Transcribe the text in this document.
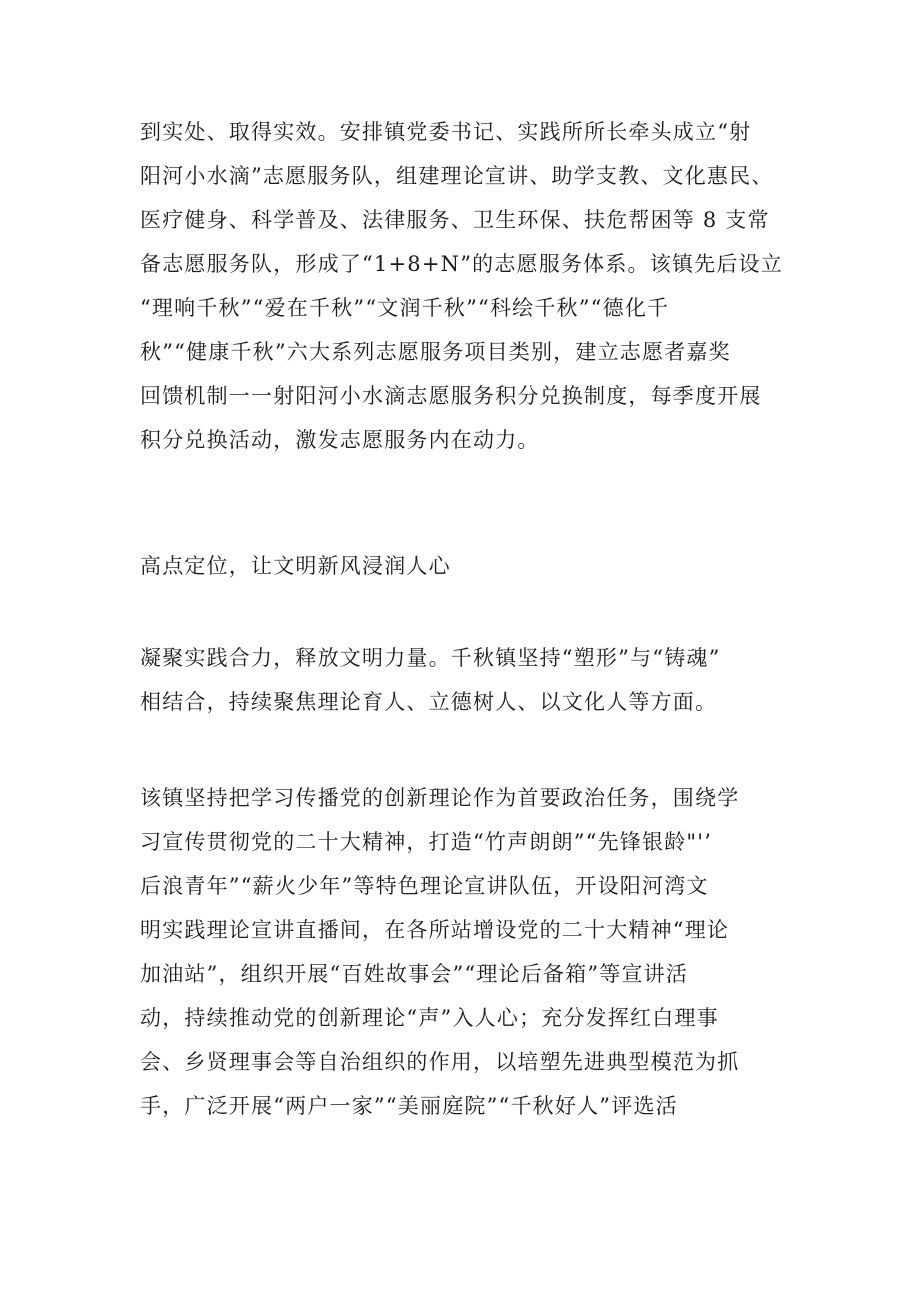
到实处、取得实效。安排镇党委书记、实践所所长牵头成立“射
阳河小水滴”志愿服务队，组建理论宣讲、助学支教、文化惠民、
医疗健身、科学普及、法律服务、卫生环保、扶危帮困等 8 支常
备志愿服务队，形成了“1+8+N”的志愿服务体系。该镇先后设立
“理响千秋”“爱在千秋”“文润千秋”“科绘千秋”“德化千
秋”“健康千秋”六大系列志愿服务项目类别，建立志愿者嘉奖
回馈机制一一射阳河小水滴志愿服务积分兑换制度，每季度开展
积分兑换活动，激发志愿服务内在动力。
高点定位，让文明新风浸润人心
凝聚实践合力，释放文明力量。千秋镇坚持“塑形”与“铸魂”
相结合，持续聚焦理论育人、立德树人、以文化人等方面。
该镇坚持把学习传播党的创新理论作为首要政治任务，围绕学
习宣传贯彻党的二十大精神，打造“竹声朗朗”“先锋银龄"'’
后浪青年”“薪火少年”等特色理论宣讲队伍，开设阳河湾文
明实践理论宣讲直播间，在各所站增设党的二十大精神“理论
加油站”，组织开展“百姓故事会”“理论后备箱”等宣讲活
动，持续推动党的创新理论“声”入人心；充分发挥红白理事
会、乡贤理事会等自治组织的作用，以培塑先进典型模范为抓
手，广泛开展“两户一家”“美丽庭院”“千秋好人”评选活
